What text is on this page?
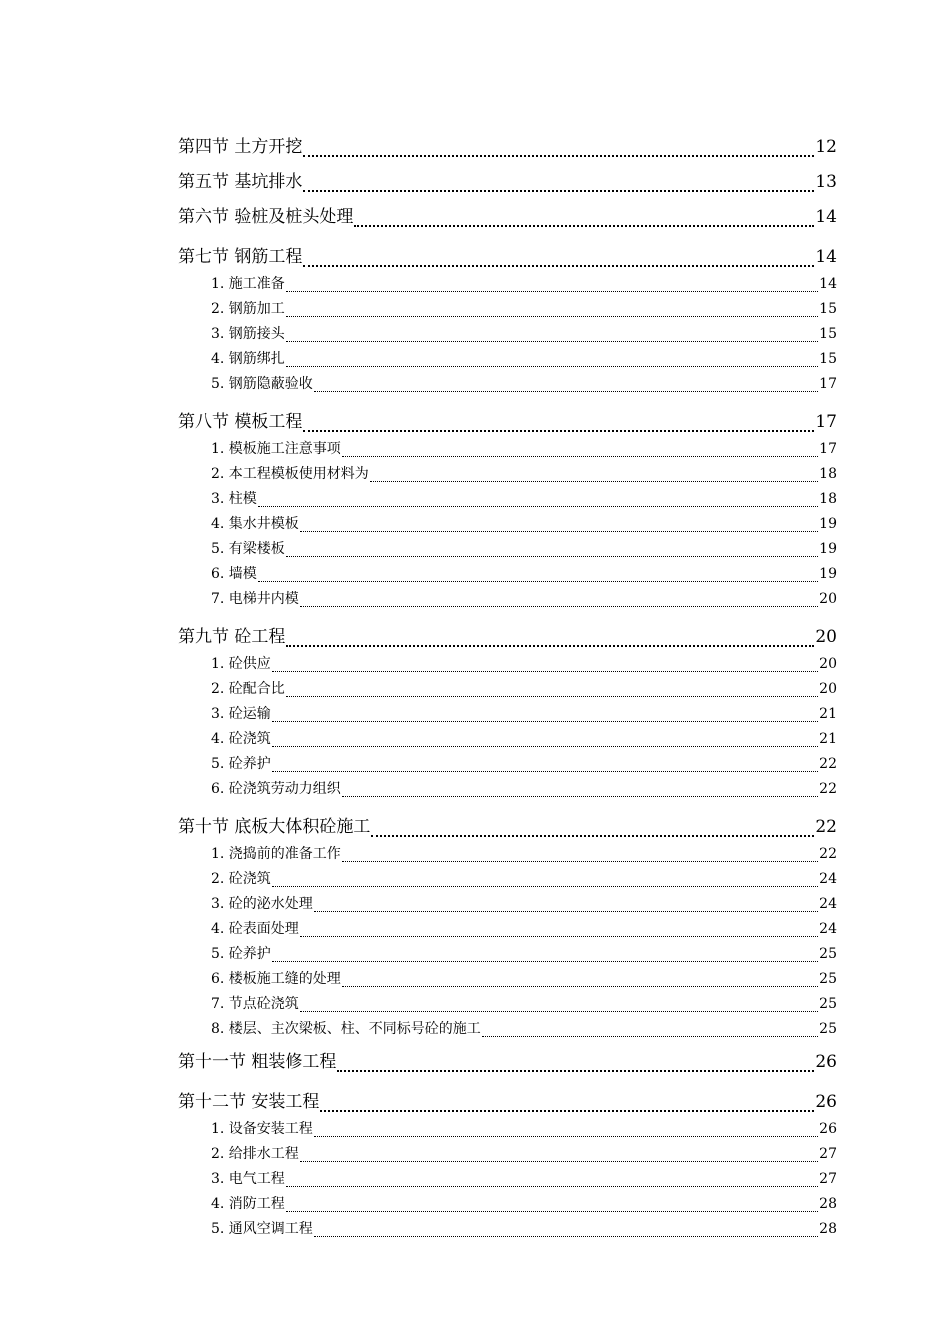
第四节 土方开挖	12
第五节 基坑排水	13
第六节 验桩及桩头处理	14
第七节 钢筋工程	14
1. 施工准备	14
2. 钢筋加工	15
3. 钢筋接头	15
4. 钢筋绑扎	15
5. 钢筋隐蔽验收	17
第八节 模板工程	17
1. 模板施工注意事项	17
2. 本工程模板使用材料为	18
3. 柱模	18
4. 集水井模板	19
5. 有梁楼板	19
6. 墙模	19
7. 电梯井内模	20
第九节 砼工程	20
1. 砼供应	20
2. 砼配合比	20
3. 砼运输	21
4. 砼浇筑	21
5. 砼养护	22
6. 砼浇筑劳动力组织	22
第十节 底板大体积砼施工	22
1. 浇捣前的准备工作	22
2. 砼浇筑	24
3. 砼的泌水处理	24
4. 砼表面处理	24
5. 砼养护	25
6. 楼板施工缝的处理	25
7. 节点砼浇筑	25
8. 楼层、主次梁板、柱、不同标号砼的施工	25
第十一节 粗装修工程	26
第十二节 安装工程	26
1. 设备安装工程	26
2. 给排水工程	27
3. 电气工程	27
4. 消防工程	28
5. 通风空调工程	28
